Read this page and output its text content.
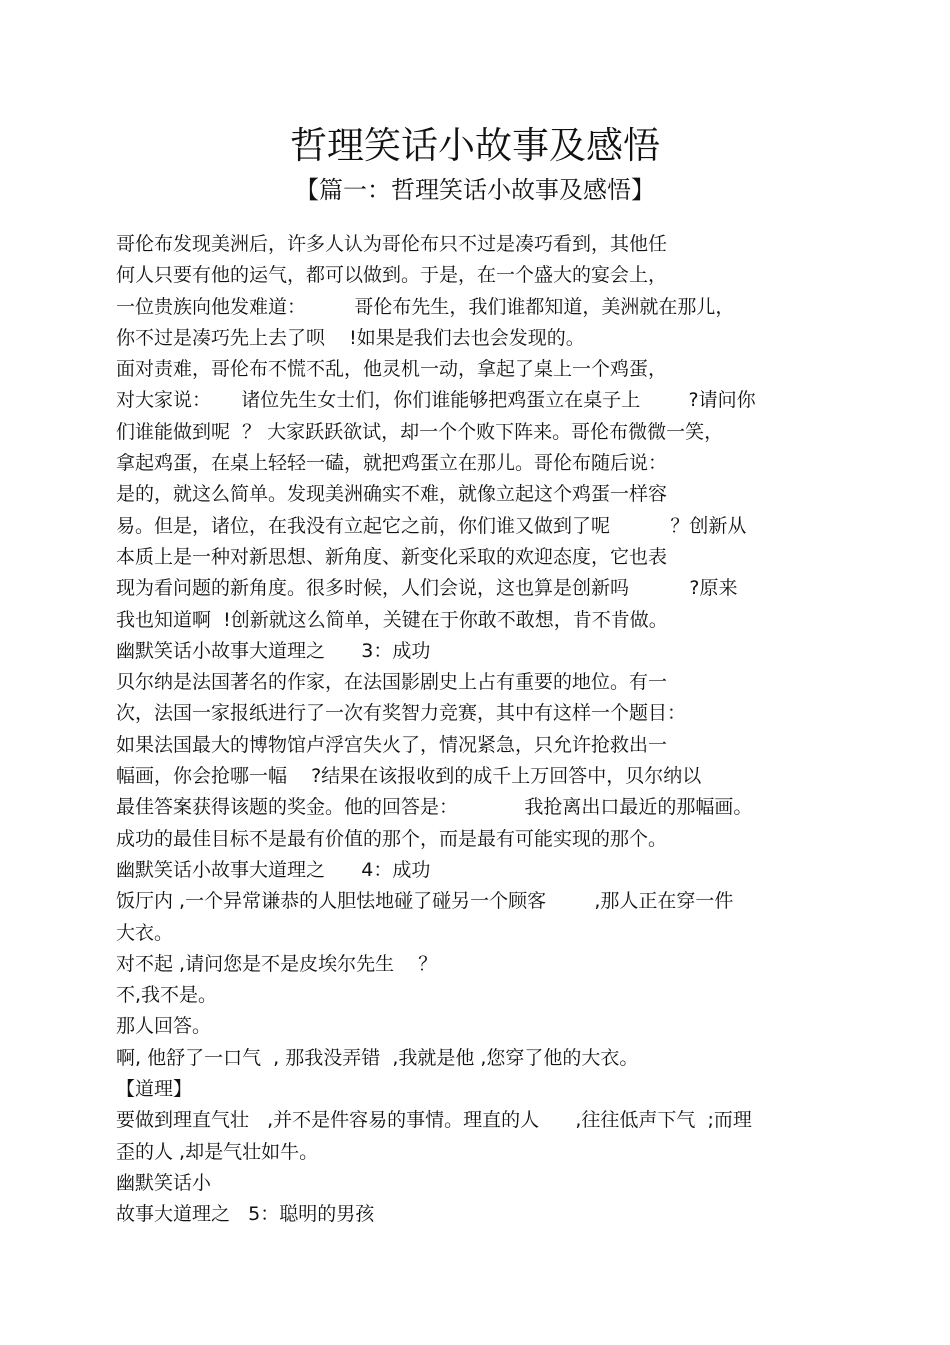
哲理笑话小故事及感悟
【篇一：哲理笑话小故事及感悟】
哥伦布发现美洲后，许多人认为哥伦布只不过是凑巧看到，其他任
何人只要有他的运气，都可以做到。于是，在一个盛大的宴会上，
一位贵族向他发难道：        哥伦布先生，我们谁都知道，美洲就在那儿，
你不过是凑巧先上去了呗    !如果是我们去也会发现的。
面对责难，哥伦布不慌不乱，他灵机一动，拿起了桌上一个鸡蛋，
对大家说：     诸位先生女士们，你们谁能够把鸡蛋立在桌子上        ?请问你
们谁能做到呢  ？ 大家跃跃欲试，却一个个败下阵来。哥伦布微微一笑，
拿起鸡蛋，在桌上轻轻一磕，就把鸡蛋立在那儿。哥伦布随后说：
是的，就这么简单。发现美洲确实不难，就像立起这个鸡蛋一样容
易。但是，诸位，在我没有立起它之前，你们谁又做到了呢          ？创新从
本质上是一种对新思想、新角度、新变化采取的欢迎态度，它也表
现为看问题的新角度。很多时候，人们会说，这也算是创新吗          ?原来
我也知道啊  !创新就这么简单，关键在于你敢不敢想，肯不肯做。
幽默笑话小故事大道理之      3：成功
贝尔纳是法国著名的作家，在法国影剧史上占有重要的地位。有一
次，法国一家报纸进行了一次有奖智力竞赛，其中有这样一个题目：
如果法国最大的博物馆卢浮宫失火了，情况紧急，只允许抢救出一
幅画，你会抢哪一幅    ?结果在该报收到的成千上万回答中，贝尔纳以
最佳答案获得该题的奖金。他的回答是：           我抢离出口最近的那幅画。
成功的最佳目标不是最有价值的那个，而是最有可能实现的那个。
幽默笑话小故事大道理之      4：成功
饭厅内 ,一个异常谦恭的人胆怯地碰了碰另一个顾客        ,那人正在穿一件
大衣。
对不起 ,请问您是不是皮埃尔先生    ？
不,我不是。
那人回答。
啊, 他舒了一口气  , 那我没弄错  ,我就是他 ,您穿了他的大衣。
【道理】
要做到理直气壮   ,并不是件容易的事情。理直的人      ,往往低声下气  ;而理
歪的人 ,却是气壮如牛。
幽默笑话小
故事大道理之   5：聪明的男孩
